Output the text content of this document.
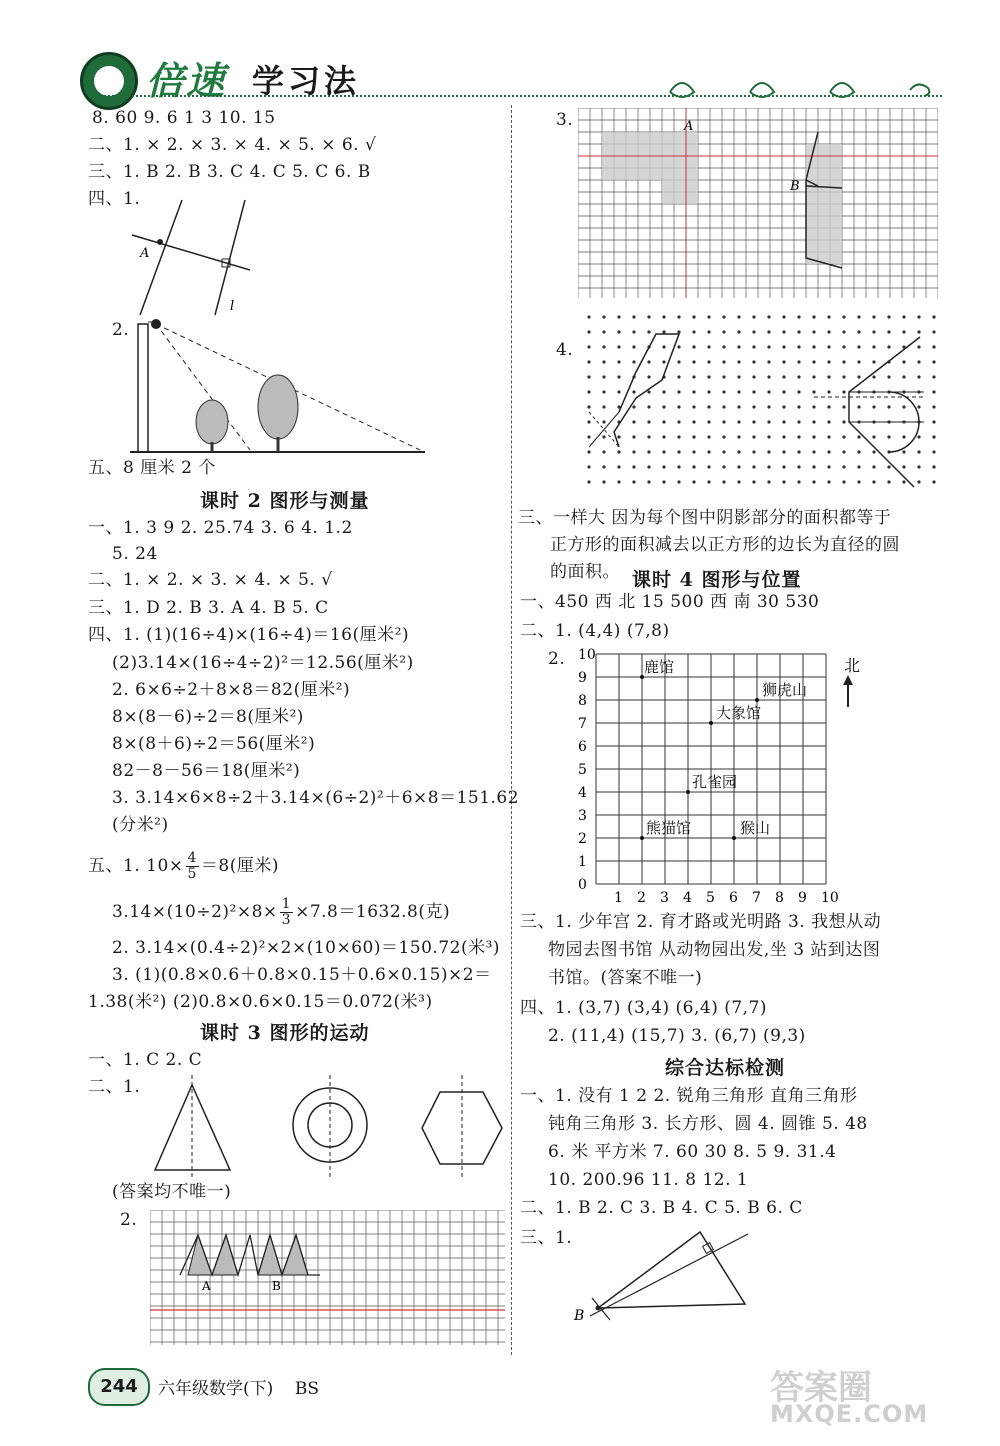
倍速 学习法
8. 60 9. 6 1 3 10. 15
二、1. × 2. × 3. × 4. × 5. × 6. √
三、1. B 2. B 3. C 4. C 5. C 6. B
四、1.
A
l
2.
五、8 厘米 2 个
课时 2 图形与测量
一、1. 3 9 2. 25.74 3. 6 4. 1.2
5. 24
二、1. × 2. × 3. × 4. × 5. √
三、1. D 2. B 3. A 4. B 5. C
四、1. (1)(16÷4)×(16÷4)＝16(厘米²)
(2)3.14×(16÷4÷2)²＝12.56(厘米²)
2. 6×6÷2＋8×8＝82(厘米²)
8×(8－6)÷2＝8(厘米²)
8×(8＋6)÷2＝56(厘米²)
82－8－56＝18(厘米²)
3. 3.14×6×8÷2＋3.14×(6÷2)²＋6×8＝151.62
(分米²)
五、1. $10\times \frac{4}{5} =8$(厘米)
$3.14\times(10\div 2)^2\times 8\times \frac{1}{3} \times 7.8=1632.8$(克)
2. 3.14×(0.4÷2)²×2×(10×60)＝150.72(米³)
3. (1)(0.8×0.6＋0.8×0.15＋0.6×0.15)×2＝
1.38(米²) (2)0.8×0.6×0.15＝0.072(米³)
课时 3 图形的运动
一、1. C 2. C
二、1.
(答案均不唯一)
2.
A	B
3.	A
B
4.
三、一样大 因为每个图中阴影部分的面积都等于
正方形的面积减去以正方形的边长为直径的圆
的面积。 课时 4 图形与位置
一、450 西 北 15 500 西 南 30 530
二、1. (4,4) (7,8)
2. 10
9
8
7
6
5
4
3
2
1
0
1 2 3 4 5 6 7 8 9 10
北
鹿馆
狮虎山
大象馆
孔雀园
熊猫馆	猴山
三、1. 少年宫 2. 育才路或光明路 3. 我想从动
物园去图书馆 从动物园出发,坐 3 站到达图
书馆。(答案不唯一)
四、1. (3,7) (3,4) (6,4) (7,7)
2. (11,4) (15,7) 3. (6,7) (9,3)
综合达标检测
一、1. 没有 1 2 2. 锐角三角形 直角三角形
钝角三角形 3. 长方形、圆 4. 圆锥 5. 48
6. 米 平方米 7. 60 30 8. 5 9. 31.4
10. 200.96 11. 8 12. 1
二、1. B 2. C 3. B 4. C 5. B 6. C
三、1.
B
244	六年级数学(下) BS	答案圈
MXQE.COM
